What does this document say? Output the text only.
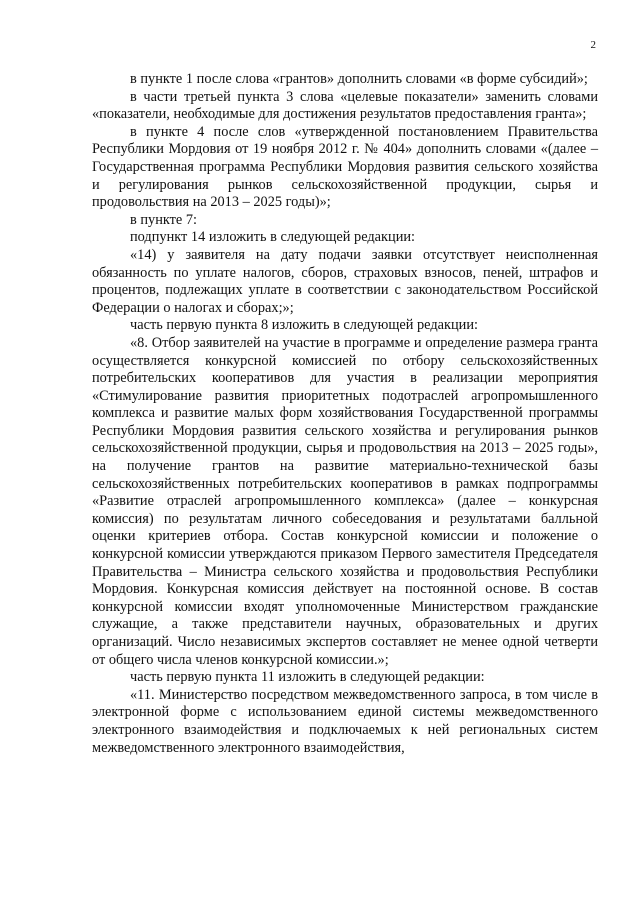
2

в пункте 1 после слова «грантов» дополнить словами «в форме субсидий»;

в части третьей пункта 3 слова «целевые показатели» заменить словами «показатели, необходимые для достижения результатов предоставления гранта»;

в пункте 4 после слов «утвержденной постановлением Правительства Республики Мордовия от 19 ноября 2012 г. № 404» дополнить словами «(далее – Государственная программа Республики Мордовия развития сельского хозяйства и регулирования рынков сельскохозяйственной продукции, сырья и продовольствия на 2013 – 2025 годы)»;

в пункте 7:

подпункт 14 изложить в следующей редакции:

«14) у заявителя на дату подачи заявки отсутствует неисполненная обязанность по уплате налогов, сборов, страховых взносов, пеней, штрафов и процентов, подлежащих уплате в соответствии с законодательством Российской Федерации о налогах и сборах;»;

часть первую пункта 8 изложить в следующей редакции:

«8. Отбор заявителей на участие в программе и определение размера гранта осуществляется конкурсной комиссией по отбору сельскохозяйственных потребительских кооперативов для участия в реализации мероприятия «Стимулирование развития приоритетных подотраслей агропромышленного комплекса и развитие малых форм хозяйствования Государственной программы Республики Мордовия развития сельского хозяйства и регулирования рынков сельскохозяйственной продукции, сырья и продовольствия на 2013 – 2025 годы», на получение грантов на развитие материально-технической базы сельскохозяйственных потребительских кооперативов в рамках подпрограммы «Развитие отраслей агропромышленного комплекса» (далее – конкурсная комиссия) по результатам личного собеседования и результатами балльной оценки критериев отбора. Состав конкурсной комиссии и положение о конкурсной комиссии утверждаются приказом Первого заместителя Председателя Правительства – Министра сельского хозяйства и продовольствия Республики Мордовия. Конкурсная комиссия действует на постоянной основе. В состав конкурсной комиссии входят уполномоченные Министерством гражданские служащие, а также представители научных, образовательных и других организаций. Число независимых экспертов составляет не менее одной четверти от общего числа членов конкурсной комиссии.»;

часть первую пункта 11 изложить в следующей редакции:

«11. Министерство посредством межведомственного запроса, в том числе в электронной форме с использованием единой системы межведомственного электронного взаимодействия и подключаемых к ней региональных систем межведомственного электронного взаимодействия,
